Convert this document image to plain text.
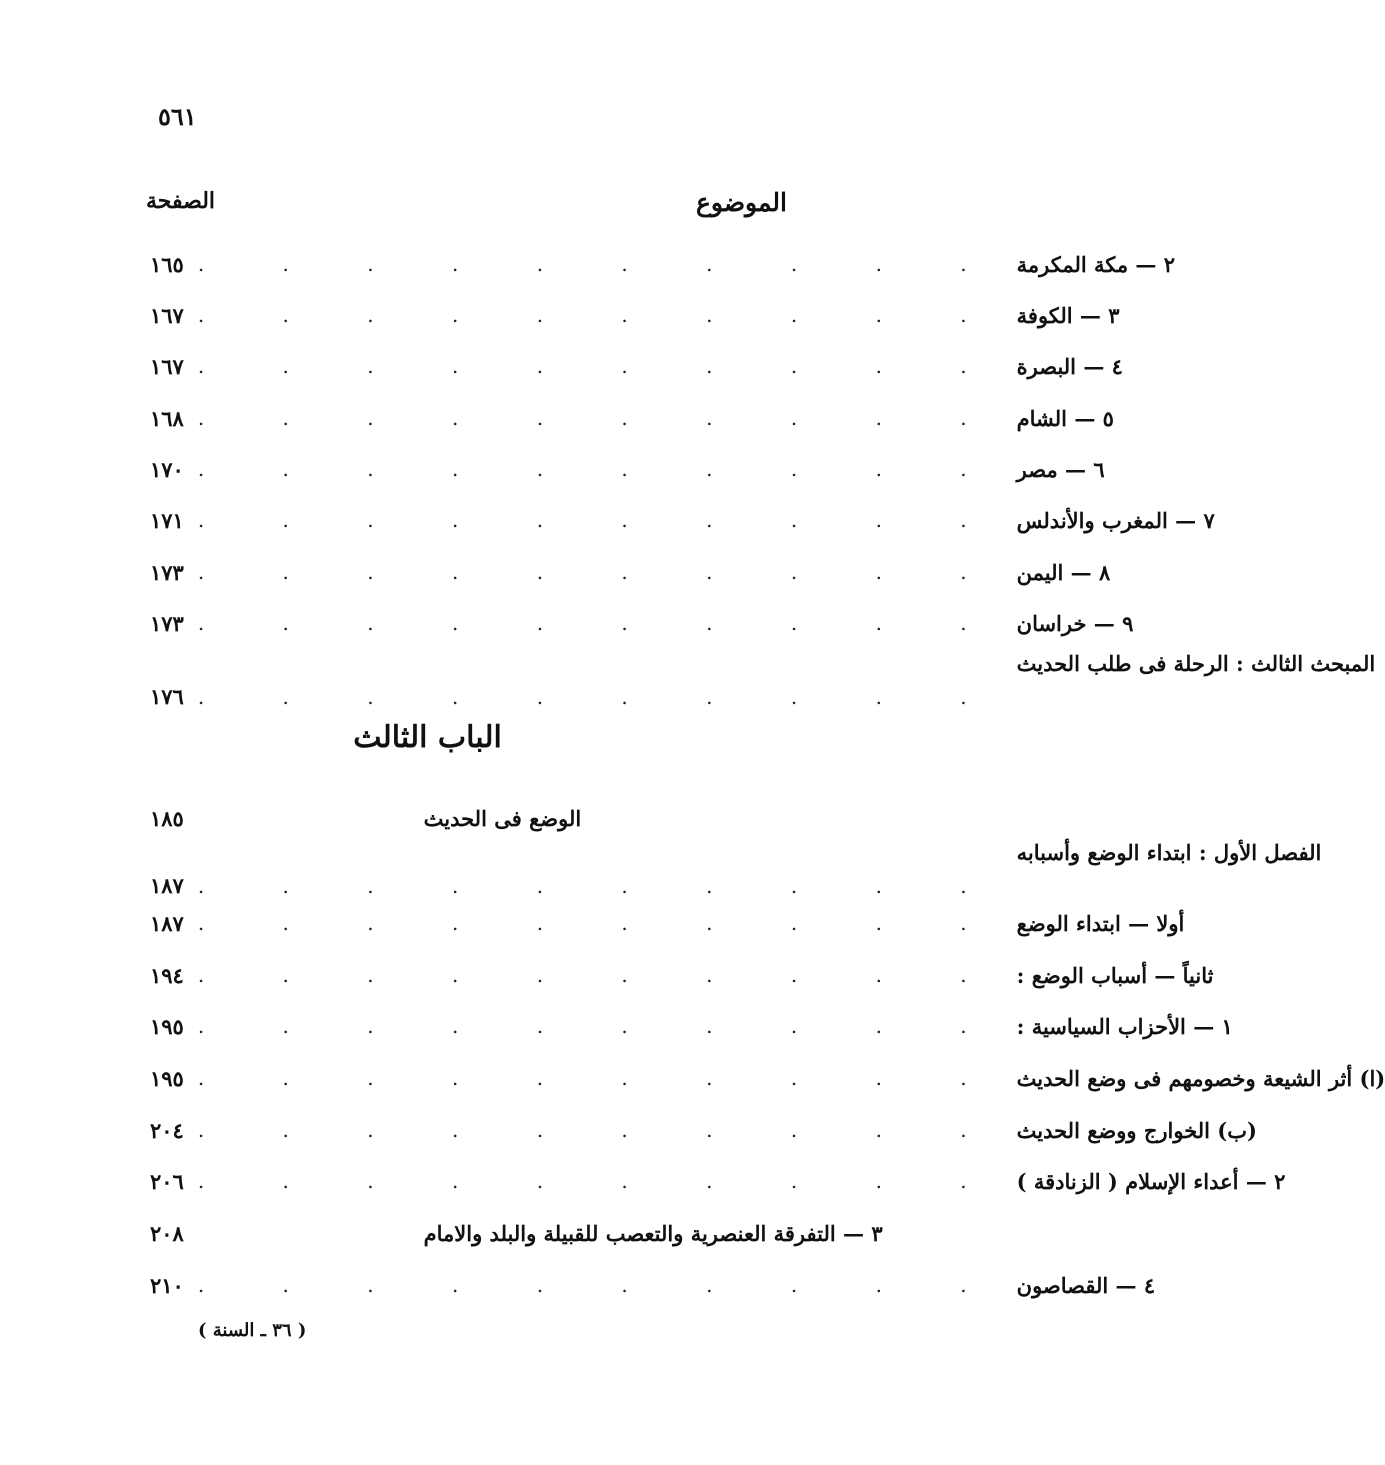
٥٦١
الموضوع
الصفحة
١٦٥ . . . . . . . . . . ٢ — مكة المكرمة
١٦٧ . . . . . . . . . . ٣ — الكوفة
١٦٧ . . . . . . . . . . ٤ — البصرة
١٦٨ . . . . . . . . . . ٥ — الشام
١٧٠ . . . . . . . . . . ٦ — مصر
١٧١ . . . . . . . . . . ٧ — المغرب والأندلس
١٧٣ . . . . . . . . . . ٨ — اليمن
١٧٣ . . . . . . . . . . ٩ — خراسان
١٧٦ . . . . . . . . . .
المبحث الثالث : الرحلة فى طلب الحديث
الباب الثالث
١٨٥	الوضع فى الحديث
١٨٧ . . . . . . . . . .
الفصل الأول : ابتداء الوضع وأسبابه
١٨٧ . . . . . . . . . . أولا — ابتداء الوضع
١٩٤ . . . . . . . . . . ثانياً — أسباب الوضع :
١٩٥ . . . . . . . . . . ١ — الأحزاب السياسية :
١٩٥ . . . . . . . . . . (ا) أثر الشيعة وخصومهم فى وضع الحديث
٢٠٤ . . . . . . . . . . (ب) الخوارج ووضع الحديث
٢٠٦ . . . . . . . . . . ٢ — أعداء الإسلام ( الزنادقة )
٢٠٨	٣ — التفرقة العنصرية والتعصب للقبيلة والبلد والامام
٢١٠ . . . . . . . . . . ٤ — القصاصون
( ٣٦ ـ السنة )
